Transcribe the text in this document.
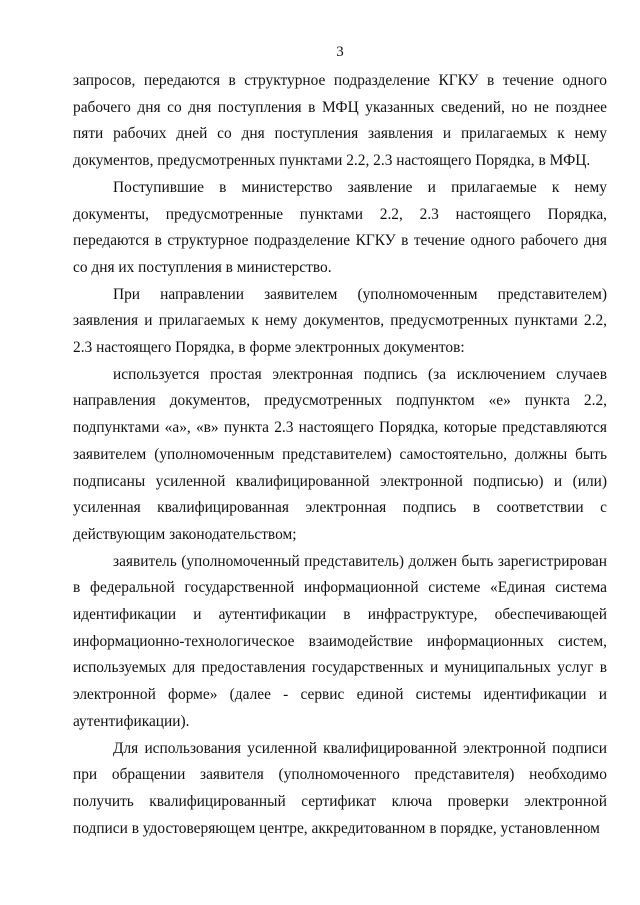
3

запросов, передаются в структурное подразделение КГКУ в течение одного рабочего дня со дня поступления в МФЦ указанных сведений, но не позднее пяти рабочих дней со дня поступления заявления и прилагаемых к нему документов, предусмотренных пунктами 2.2, 2.3 настоящего Порядка, в МФЦ.

Поступившие в министерство заявление и прилагаемые к нему документы, предусмотренные пунктами 2.2, 2.3 настоящего Порядка, передаются в структурное подразделение КГКУ в течение одного рабочего дня со дня их поступления в министерство.

При направлении заявителем (уполномоченным представителем) заявления и прилагаемых к нему документов, предусмотренных пунктами 2.2, 2.3 настоящего Порядка, в форме электронных документов:

используется простая электронная подпись (за исключением случаев направления документов, предусмотренных подпунктом «е» пункта 2.2, подпунктами «а», «в» пункта 2.3 настоящего Порядка, которые представляются заявителем (уполномоченным представителем) самостоятельно, должны быть подписаны усиленной квалифицированной электронной подписью) и (или) усиленная квалифицированная электронная подпись в соответствии с действующим законодательством;

заявитель (уполномоченный представитель) должен быть зарегистрирован в федеральной государственной информационной системе «Единая система идентификации и аутентификации в инфраструктуре, обеспечивающей информационно-технологическое взаимодействие информационных систем, используемых для предоставления государственных и муниципальных услуг в электронной форме» (далее - сервис единой системы идентификации и аутентификации).

Для использования усиленной квалифицированной электронной подписи при обращении заявителя (уполномоченного представителя) необходимо получить квалифицированный сертификат ключа проверки электронной подписи в удостоверяющем центре, аккредитованном в порядке, установленном
